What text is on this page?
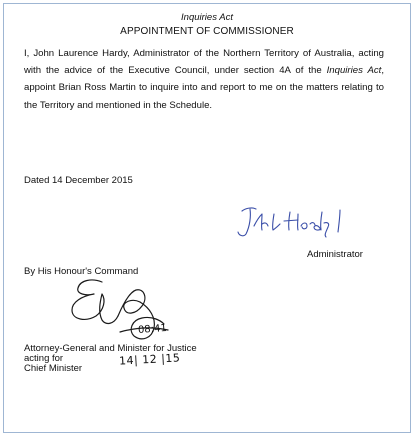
Inquiries Act
APPOINTMENT OF COMMISSIONER
I, John Laurence Hardy, Administrator of the Northern Territory of Australia, acting with the advice of the Executive Council, under section 4A of the Inquiries Act, appoint Brian Ross Martin to inquire into and report to me on the matters relating to the Territory and mentioned in the Schedule.
Dated 14 December 2015
Administrator
By His Honour's Command
08:41
Attorney-General and Minister for Justice
acting for
Chief Minister
14| 12 |15
